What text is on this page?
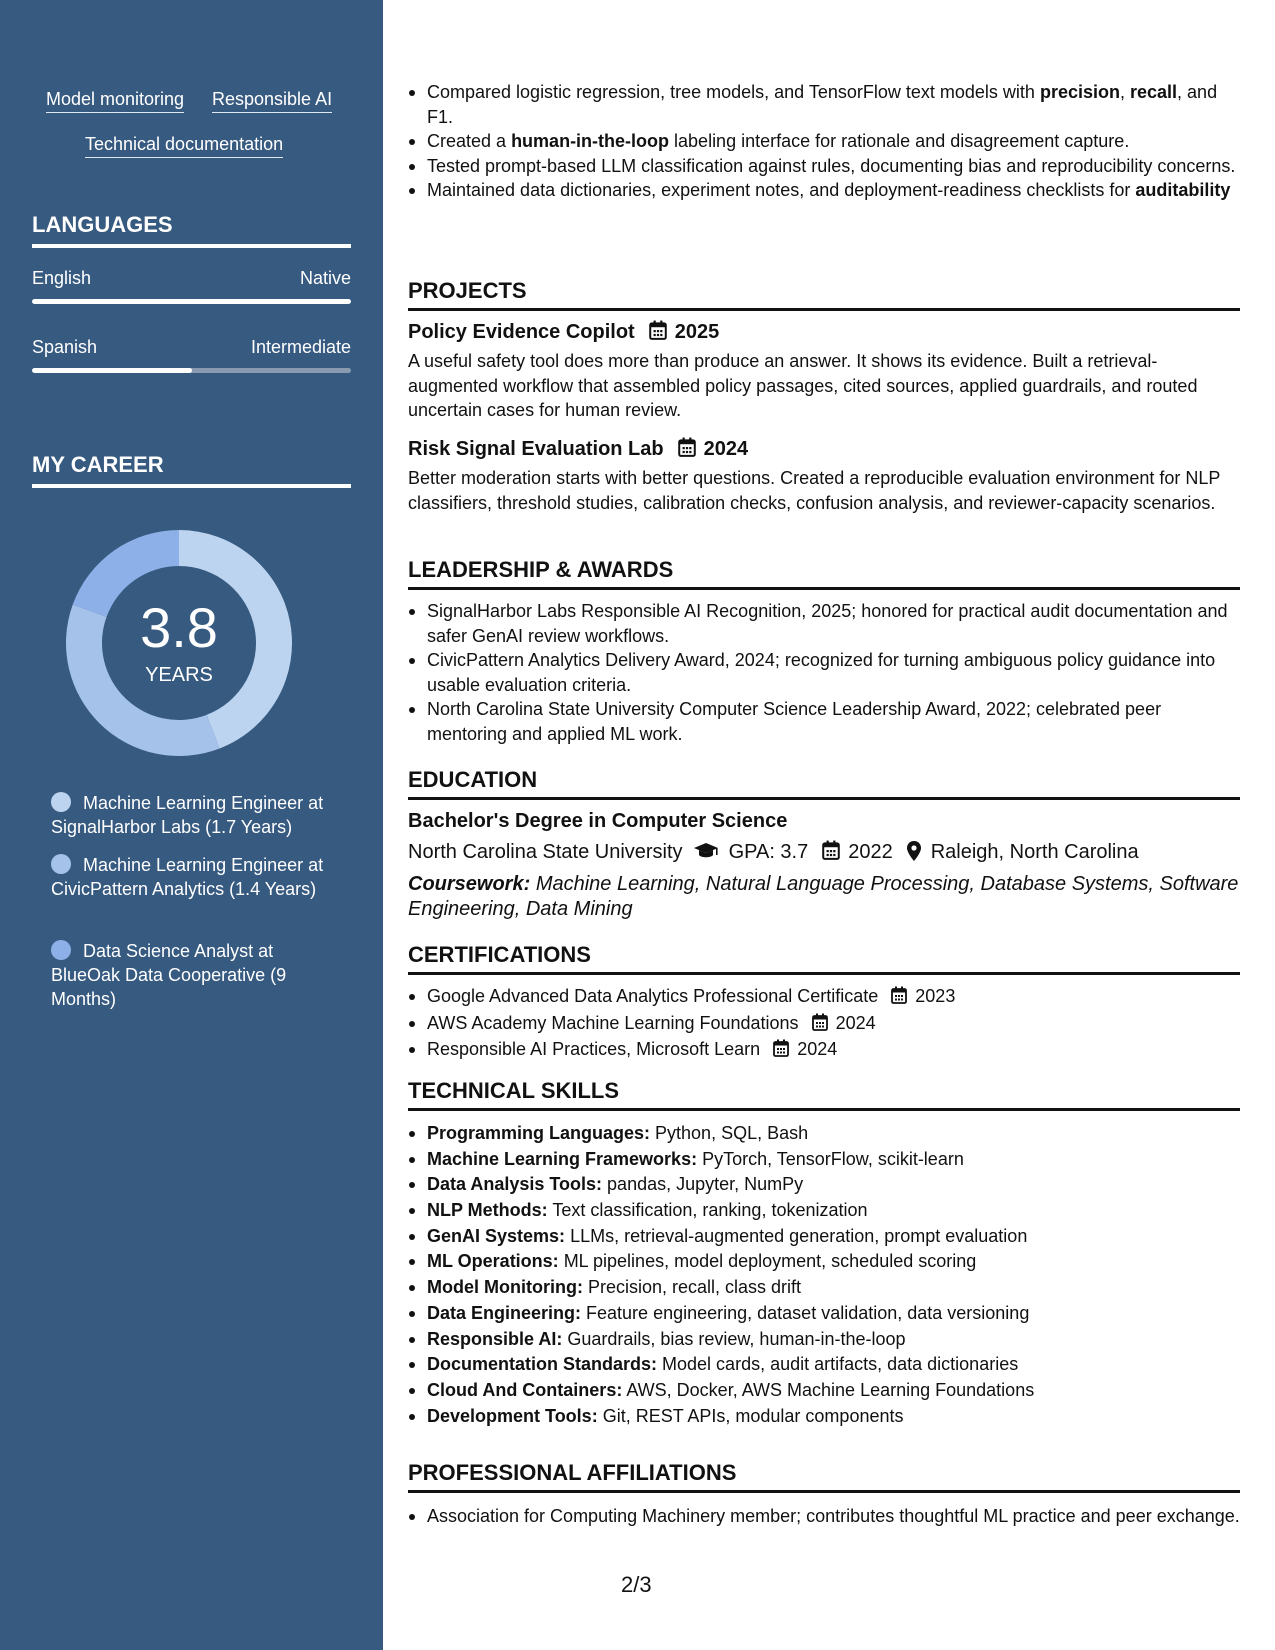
Model monitoring Responsible AI
Technical documentation
LANGUAGES
English	Native
Spanish	Intermediate
MY CAREER
3.8
YEARS
Machine Learning Engineer at SignalHarbor Labs (1.7 Years)
Machine Learning Engineer at CivicPattern Analytics (1.4 Years)
Data Science Analyst at BlueOak Data Cooperative (9 Months)
Compared logistic regression, tree models, and TensorFlow text models with precision, recall, and F1.
Created a human-in-the-loop labeling interface for rationale and disagreement capture.
Tested prompt-based LLM classification against rules, documenting bias and reproducibility concerns.
Maintained data dictionaries, experiment notes, and deployment-readiness checklists for auditability
PROJECTS
Policy Evidence Copilot 2025
A useful safety tool does more than produce an answer. It shows its evidence. Built a retrieval-augmented workflow that assembled policy passages, cited sources, applied guardrails, and routed uncertain cases for human review.
Risk Signal Evaluation Lab 2024
Better moderation starts with better questions. Created a reproducible evaluation environment for NLP classifiers, threshold studies, calibration checks, confusion analysis, and reviewer-capacity scenarios.
LEADERSHIP & AWARDS
SignalHarbor Labs Responsible AI Recognition, 2025; honored for practical audit documentation and safer GenAI review workflows.
CivicPattern Analytics Delivery Award, 2024; recognized for turning ambiguous policy guidance into usable evaluation criteria.
North Carolina State University Computer Science Leadership Award, 2022; celebrated peer mentoring and applied ML work.
EDUCATION
Bachelor's Degree in Computer Science
North Carolina State University GPA: 3.7 2022 Raleigh, North Carolina
Coursework: Machine Learning, Natural Language Processing, Database Systems, Software Engineering, Data Mining
CERTIFICATIONS
Google Advanced Data Analytics Professional Certificate 2023
AWS Academy Machine Learning Foundations 2024
Responsible AI Practices, Microsoft Learn 2024
TECHNICAL SKILLS
Programming Languages: Python, SQL, Bash
Machine Learning Frameworks: PyTorch, TensorFlow, scikit-learn
Data Analysis Tools: pandas, Jupyter, NumPy
NLP Methods: Text classification, ranking, tokenization
GenAI Systems: LLMs, retrieval-augmented generation, prompt evaluation
ML Operations: ML pipelines, model deployment, scheduled scoring
Model Monitoring: Precision, recall, class drift
Data Engineering: Feature engineering, dataset validation, data versioning
Responsible AI: Guardrails, bias review, human-in-the-loop
Documentation Standards: Model cards, audit artifacts, data dictionaries
Cloud And Containers: AWS, Docker, AWS Machine Learning Foundations
Development Tools: Git, REST APIs, modular components
PROFESSIONAL AFFILIATIONS
Association for Computing Machinery member; contributes thoughtful ML practice and peer exchange.
2/3
